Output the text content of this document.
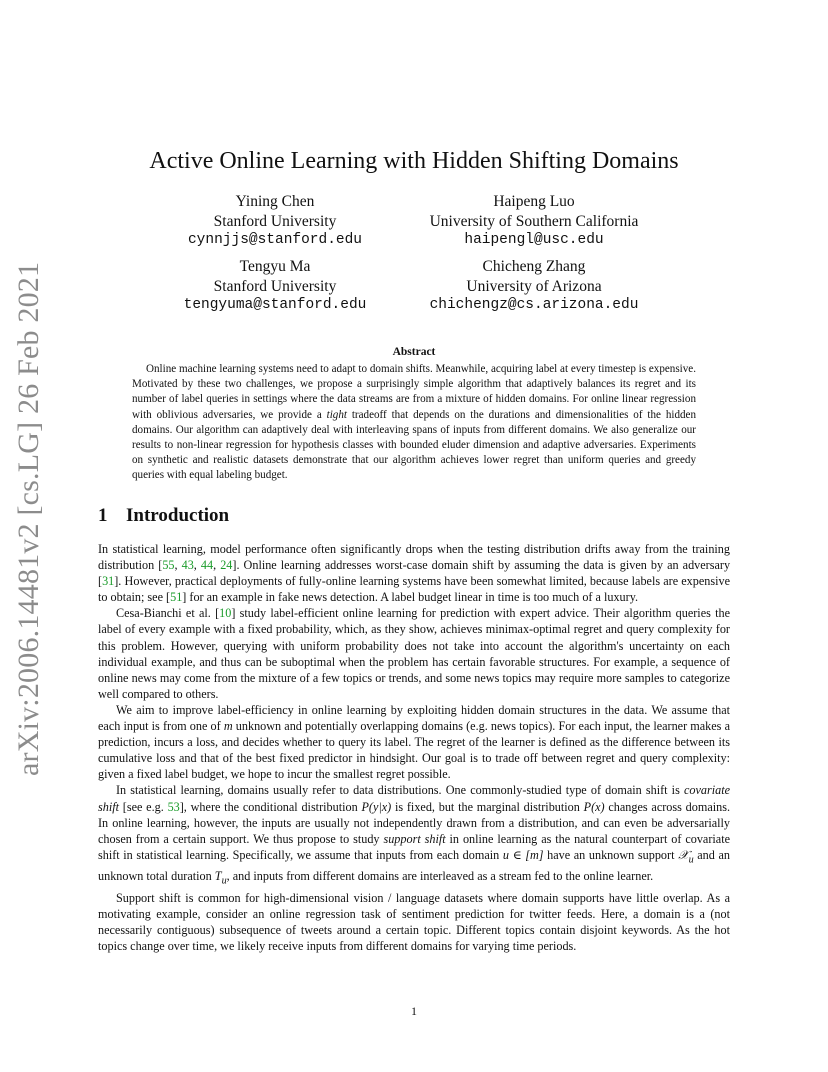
arXiv:2006.14481v2 [cs.LG] 26 Feb 2021
Active Online Learning with Hidden Shifting Domains
Yining Chen
Stanford University
cynnjjs@stanford.edu
Haipeng Luo
University of Southern California
haipengl@usc.edu
Tengyu Ma
Stanford University
tengyuma@stanford.edu
Chicheng Zhang
University of Arizona
chichengz@cs.arizona.edu
Abstract

Online machine learning systems need to adapt to domain shifts. Meanwhile, acquiring label at every timestep is expensive. Motivated by these two challenges, we propose a surprisingly simple algorithm that adaptively balances its regret and its number of label queries in settings where the data streams are from a mixture of hidden domains. For online linear regression with oblivious adversaries, we provide a tight tradeoff that depends on the durations and dimensionalities of the hidden domains. Our algorithm can adaptively deal with interleaving spans of inputs from different domains. We also generalize our results to non-linear regression for hypothesis classes with bounded eluder dimension and adaptive adversaries. Experiments on synthetic and realistic datasets demonstrate that our algorithm achieves lower regret than uniform queries and greedy queries with equal labeling budget.

1 Introduction

In statistical learning, model performance often significantly drops when the testing distribution drifts away from the training distribution [55, 43, 44, 24]. Online learning addresses worst-case domain shift by assuming the data is given by an adversary [31]. However, practical deployments of fully-online learning systems have been somewhat limited, because labels are expensive to obtain; see [51] for an example in fake news detection. A label budget linear in time is too much of a luxury.

Cesa-Bianchi et al. [10] study label-efficient online learning for prediction with expert advice. Their algorithm queries the label of every example with a fixed probability, which, as they show, achieves minimax-optimal regret and query complexity for this problem. However, querying with uniform probability does not take into account the algorithm's uncertainty on each individual example, and thus can be suboptimal when the problem has certain favorable structures. For example, a sequence of online news may come from the mixture of a few topics or trends, and some news topics may require more samples to categorize well compared to others.

We aim to improve label-efficiency in online learning by exploiting hidden domain structures in the data. We assume that each input is from one of m unknown and potentially overlapping domains (e.g. news topics). For each input, the learner makes a prediction, incurs a loss, and decides whether to query its label. The regret of the learner is defined as the difference between its cumulative loss and that of the best fixed predictor in hindsight. Our goal is to trade off between regret and query complexity: given a fixed label budget, we hope to incur the smallest regret possible.

In statistical learning, domains usually refer to data distributions. One commonly-studied type of domain shift is covariate shift [see e.g. 53], where the conditional distribution P(y|x) is fixed, but the marginal distribution P(x) changes across domains. In online learning, however, the inputs are usually not independently drawn from a distribution, and can even be adversarially chosen from a certain support. We thus propose to study support shift in online learning as the natural counterpart of covariate shift in statistical learning. Specifically, we assume that inputs from each domain u ∈ [m] have an unknown support 𝒳$_u$ and an unknown total duration $T_u$, and inputs from different domains are interleaved as a stream fed to the online learner.

Support shift is common for high-dimensional vision / language datasets where domain supports have little overlap. As a motivating example, consider an online regression task of sentiment prediction for twitter feeds. Here, a domain is a (not necessarily contiguous) subsequence of tweets around a certain topic. Different topics contain disjoint keywords. As the hot topics change over time, we likely receive inputs from different domains for varying time periods.

1
